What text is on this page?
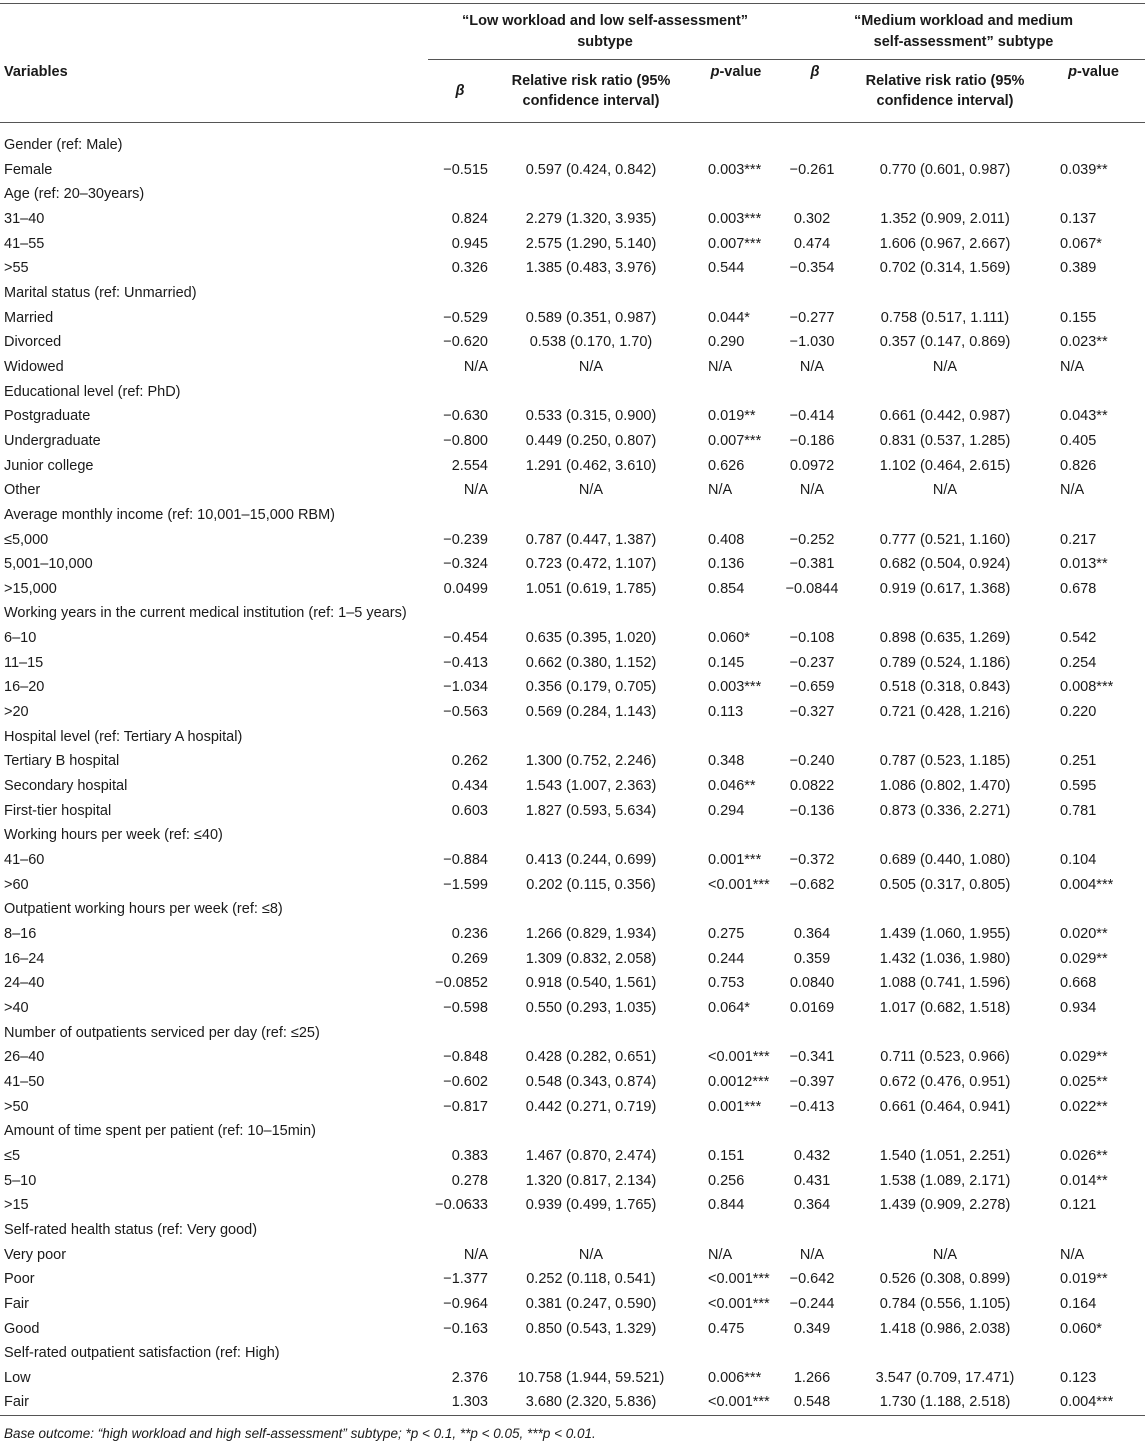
	“Low workload and low self-assessment”
subtype			“Medium workload and medium
self-assessment” subtype		
Variables	β	Relative risk ratio (95%
confidence interval)	p-value	β	Relative risk ratio (95%
confidence interval)	p-value
Gender (ref: Male)						
Female	−0.515	0.597 (0.424, 0.842)	0.003***	−0.261	0.770 (0.601, 0.987)	0.039**
Age (ref: 20–30years)						
31–40	0.824	2.279 (1.320, 3.935)	0.003***	0.302	1.352 (0.909, 2.011)	0.137
41–55	0.945	2.575 (1.290, 5.140)	0.007***	0.474	1.606 (0.967, 2.667)	0.067*
>55	0.326	1.385 (0.483, 3.976)	0.544	−0.354	0.702 (0.314, 1.569)	0.389
Marital status (ref: Unmarried)						
Married	−0.529	0.589 (0.351, 0.987)	0.044*	−0.277	0.758 (0.517, 1.111)	0.155
Divorced	−0.620	0.538 (0.170, 1.70)	0.290	−1.030	0.357 (0.147, 0.869)	0.023**
Widowed	N/A	N/A	N/A	N/A	N/A	N/A
Educational level (ref: PhD)						
Postgraduate	−0.630	0.533 (0.315, 0.900)	0.019**	−0.414	0.661 (0.442, 0.987)	0.043**
Undergraduate	−0.800	0.449 (0.250, 0.807)	0.007***	−0.186	0.831 (0.537, 1.285)	0.405
Junior college	2.554	1.291 (0.462, 3.610)	0.626	0.0972	1.102 (0.464, 2.615)	0.826
Other	N/A	N/A	N/A	N/A	N/A	N/A
Average monthly income (ref: 10,001–15,000 RBM)						
≤5,000	−0.239	0.787 (0.447, 1.387)	0.408	−0.252	0.777 (0.521, 1.160)	0.217
5,001–10,000	−0.324	0.723 (0.472, 1.107)	0.136	−0.381	0.682 (0.504, 0.924)	0.013**
>15,000	0.0499	1.051 (0.619, 1.785)	0.854	−0.0844	0.919 (0.617, 1.368)	0.678
Working years in the current medical institution (ref: 1–5 years)						
6–10	−0.454	0.635 (0.395, 1.020)	0.060*	−0.108	0.898 (0.635, 1.269)	0.542
11–15	−0.413	0.662 (0.380, 1.152)	0.145	−0.237	0.789 (0.524, 1.186)	0.254
16–20	−1.034	0.356 (0.179, 0.705)	0.003***	−0.659	0.518 (0.318, 0.843)	0.008***
>20	−0.563	0.569 (0.284, 1.143)	0.113	−0.327	0.721 (0.428, 1.216)	0.220
Hospital level (ref: Tertiary A hospital)						
Tertiary B hospital	0.262	1.300 (0.752, 2.246)	0.348	−0.240	0.787 (0.523, 1.185)	0.251
Secondary hospital	0.434	1.543 (1.007, 2.363)	0.046**	0.0822	1.086 (0.802, 1.470)	0.595
First-tier hospital	0.603	1.827 (0.593, 5.634)	0.294	−0.136	0.873 (0.336, 2.271)	0.781
Working hours per week (ref: ≤40)						
41–60	−0.884	0.413 (0.244, 0.699)	0.001***	−0.372	0.689 (0.440, 1.080)	0.104
>60	−1.599	0.202 (0.115, 0.356)	<0.001***	−0.682	0.505 (0.317, 0.805)	0.004***
Outpatient working hours per week (ref: ≤8)						
8–16	0.236	1.266 (0.829, 1.934)	0.275	0.364	1.439 (1.060, 1.955)	0.020**
16–24	0.269	1.309 (0.832, 2.058)	0.244	0.359	1.432 (1.036, 1.980)	0.029**
24–40	−0.0852	0.918 (0.540, 1.561)	0.753	0.0840	1.088 (0.741, 1.596)	0.668
>40	−0.598	0.550 (0.293, 1.035)	0.064*	0.0169	1.017 (0.682, 1.518)	0.934
Number of outpatients serviced per day (ref: ≤25)						
26–40	−0.848	0.428 (0.282, 0.651)	<0.001***	−0.341	0.711 (0.523, 0.966)	0.029**
41–50	−0.602	0.548 (0.343, 0.874)	0.0012***	−0.397	0.672 (0.476, 0.951)	0.025**
>50	−0.817	0.442 (0.271, 0.719)	0.001***	−0.413	0.661 (0.464, 0.941)	0.022**
Amount of time spent per patient (ref: 10–15min)						
≤5	0.383	1.467 (0.870, 2.474)	0.151	0.432	1.540 (1.051, 2.251)	0.026**
5–10	0.278	1.320 (0.817, 2.134)	0.256	0.431	1.538 (1.089, 2.171)	0.014**
>15	−0.0633	0.939 (0.499, 1.765)	0.844	0.364	1.439 (0.909, 2.278)	0.121
Self-rated health status (ref: Very good)						
Very poor	N/A	N/A	N/A	N/A	N/A	N/A
Poor	−1.377	0.252 (0.118, 0.541)	<0.001***	−0.642	0.526 (0.308, 0.899)	0.019**
Fair	−0.964	0.381 (0.247, 0.590)	<0.001***	−0.244	0.784 (0.556, 1.105)	0.164
Good	−0.163	0.850 (0.543, 1.329)	0.475	0.349	1.418 (0.986, 2.038)	0.060*
Self-rated outpatient satisfaction (ref: High)						
Low	2.376	10.758 (1.944, 59.521)	0.006***	1.266	3.547 (0.709, 17.471)	0.123
Fair	1.303	3.680 (2.320, 5.836)	<0.001***	0.548	1.730 (1.188, 2.518)	0.004***
Base outcome: “high workload and high self-assessment” subtype; *p < 0.1, **p < 0.05, ***p < 0.01.
